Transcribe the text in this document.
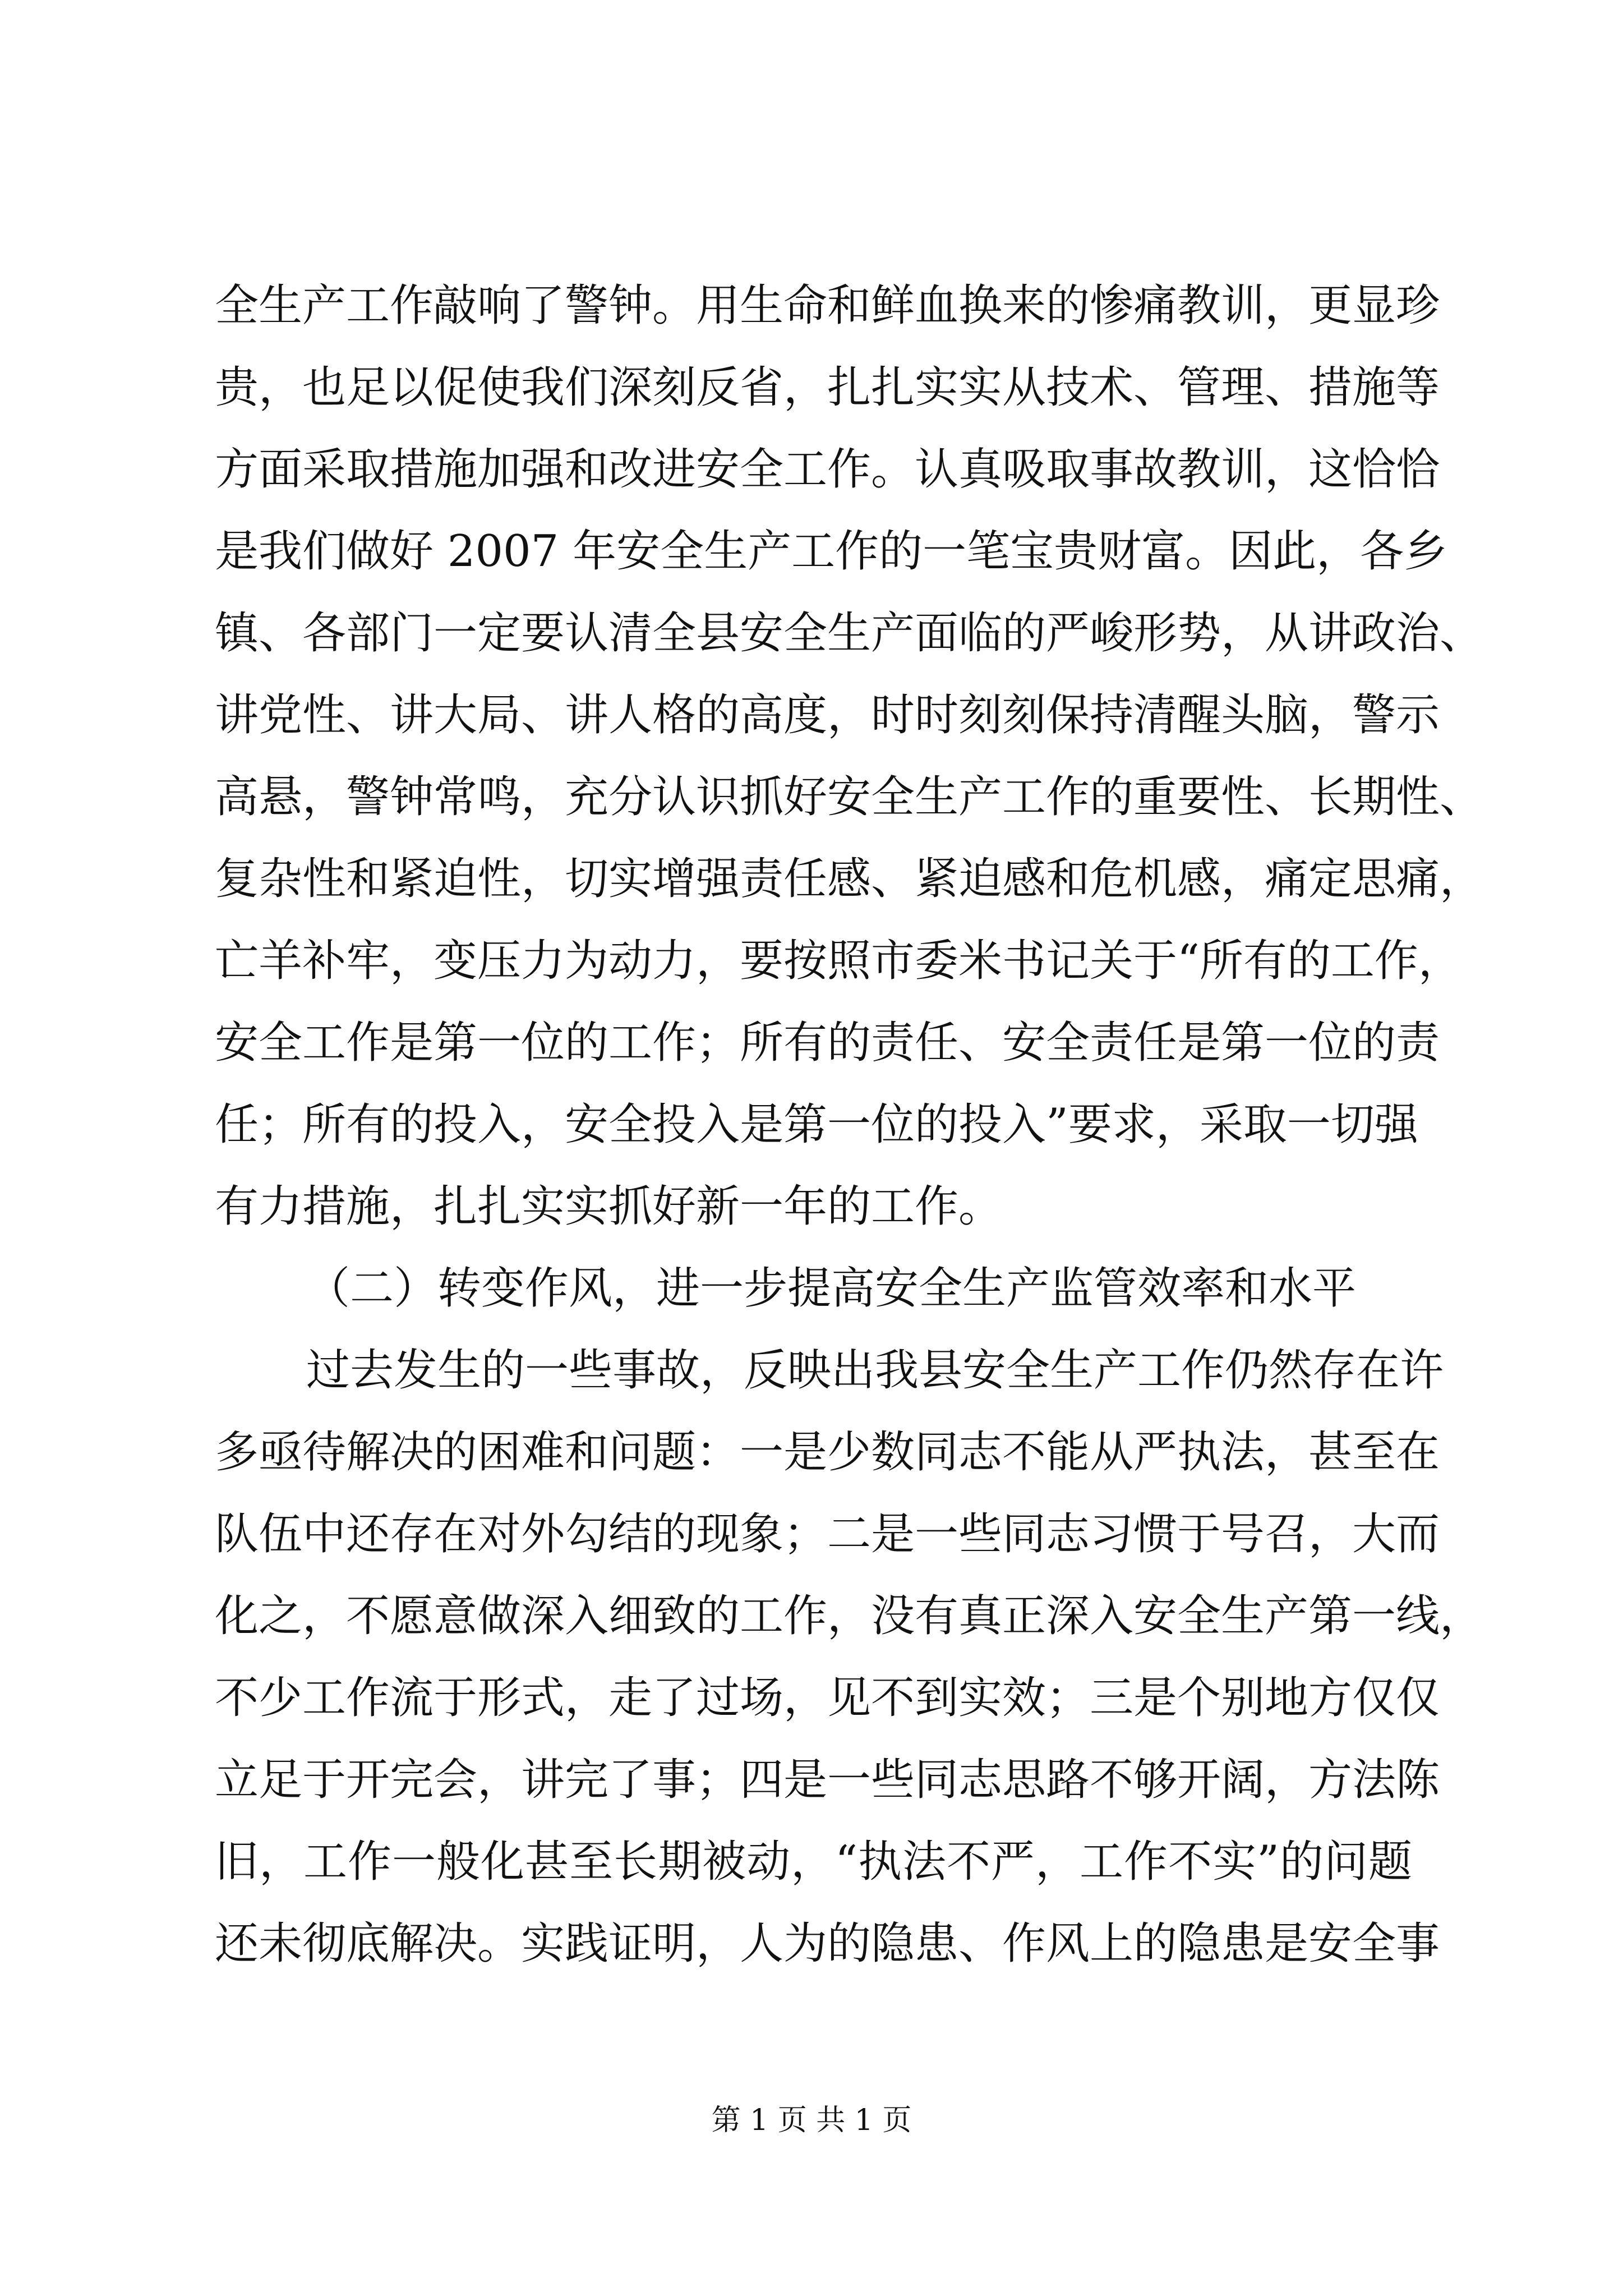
全生产工作敲响了警钟。用生命和鲜血换来的惨痛教训，更显珍
贵，也足以促使我们深刻反省，扎扎实实从技术、管理、措施等
方面采取措施加强和改进安全工作。认真吸取事故教训，这恰恰
是我们做好 2007 年安全生产工作的一笔宝贵财富。因此，各乡
镇、各部门一定要认清全县安全生产面临的严峻形势，从讲政治、
讲党性、讲大局、讲人格的高度，时时刻刻保持清醒头脑，警示
高悬，警钟常鸣，充分认识抓好安全生产工作的重要性、长期性、
复杂性和紧迫性，切实增强责任感、紧迫感和危机感，痛定思痛，
亡羊补牢，变压力为动力，要按照市委米书记关于“所有的工作，
安全工作是第一位的工作；所有的责任、安全责任是第一位的责
任；所有的投入，安全投入是第一位的投入”要求，采取一切强
有力措施，扎扎实实抓好新一年的工作。
（二）转变作风，进一步提高安全生产监管效率和水平
过去发生的一些事故，反映出我县安全生产工作仍然存在许
多亟待解决的困难和问题：一是少数同志不能从严执法，甚至在
队伍中还存在对外勾结的现象；二是一些同志习惯于号召，大而
化之，不愿意做深入细致的工作，没有真正深入安全生产第一线，
不少工作流于形式，走了过场，见不到实效；三是个别地方仅仅
立足于开完会，讲完了事；四是一些同志思路不够开阔，方法陈
旧，工作一般化甚至长期被动，“执法不严，工作不实”的问题
还未彻底解决。实践证明，人为的隐患、作风上的隐患是安全事
第 1 页 共 1 页
